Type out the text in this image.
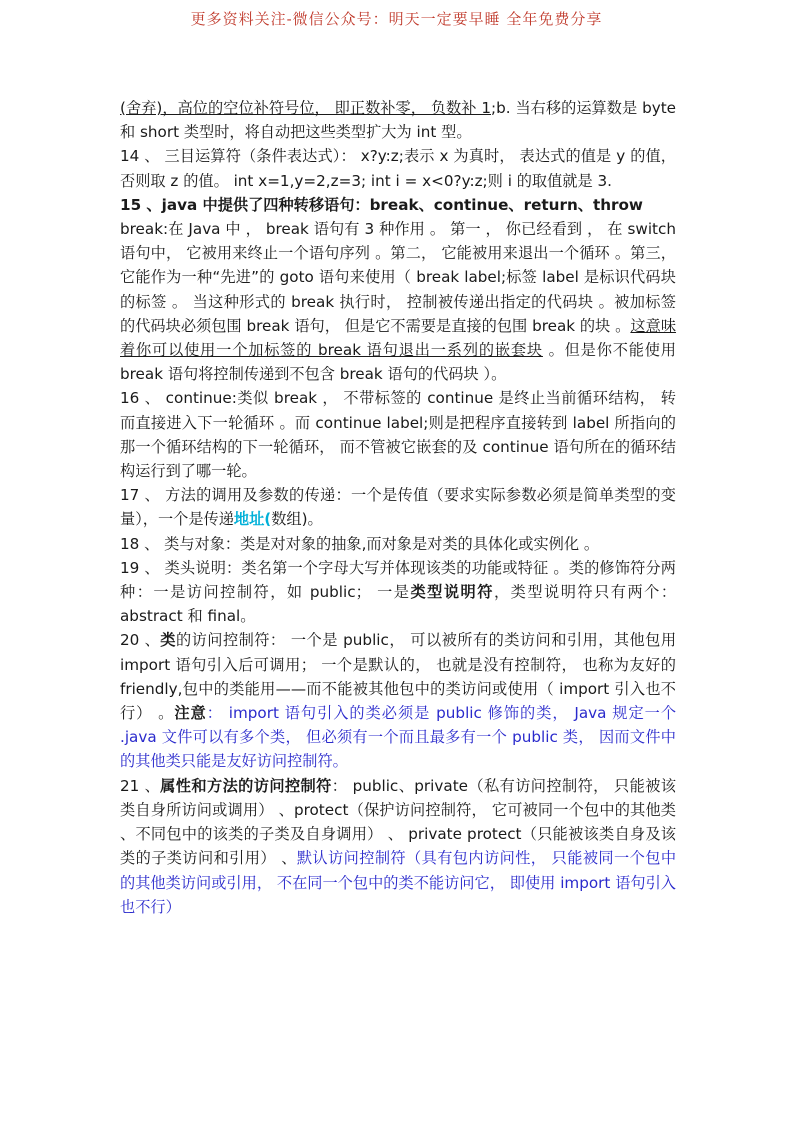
更多资料关注-微信公众号：明天一定要早睡 全年免费分享

(舍弃)，高位的空位补符号位， 即正数补零， 负数补 1;b. 当右移的运算数是 byte 和 short 类型时，将自动把这些类型扩大为 int 型。

14 、 三目运算符（条件表达式）： x?y:z;表示 x 为真时， 表达式的值是 y 的值， 否则取 z 的值。 int x=1,y=2,z=3; int i = x<0?y:z;则 i 的取值就是 3.

15 、java 中提供了四种转移语句：break、continue、return、throw
break:在 Java 中 ， break 语句有 3 种作用 。 第一 ， 你已经看到 ， 在 switch 语句中， 它被用来终止一个语句序列 。第二， 它能被用来退出一个循环 。第三， 它能作为一种“先进”的 goto 语句来使用（ break label;标签 label 是标识代码块的标签 。 当这种形式的 break 执行时， 控制被传递出指定的代码块 。被加标签的代码块必须包围 break 语句， 但是它不需要是直接的包围 break 的块 。这意味着你可以使用一个加标签的 break 语句退出一系列的嵌套块 。但是你不能使用 break 语句将控制传递到不包含 break 语句的代码块 ）。

16 、 continue:类似 break ， 不带标签的 continue 是终止当前循环结构， 转而直接进入下一轮循环 。而 continue label;则是把程序直接转到 label 所指向的那一个循环结构的下一轮循环， 而不管被它嵌套的及 continue 语句所在的循环结构运行到了哪一轮。

17 、 方法的调用及参数的传递：一个是传值（要求实际参数必须是简单类型的变量），一个是传递地址(数组)。

18 、 类与对象：类是对对象的抽象,而对象是对类的具体化或实例化 。

19 、 类头说明：类名第一个字母大写并体现该类的功能或特征 。类的修饰符分两种：一是访问控制符，如 public； 一是类型说明符，类型说明符只有两个： abstract 和 final。

20 、类的访问控制符： 一个是 public， 可以被所有的类访问和引用，其他包用 import 语句引入后可调用； 一个是默认的， 也就是没有控制符， 也称为友好的 friendly,包中的类能用——而不能被其他包中的类访问或使用（ import 引入也不行） 。注意： import 语句引入的类必须是 public 修饰的类， Java 规定一个 .java 文件可以有多个类， 但必须有一个而且最多有一个 public 类， 因而文件中的其他类只能是友好访问控制符。

21 、属性和方法的访问控制符： public、private（私有访问控制符， 只能被该类自身所访问或调用） 、protect（保护访问控制符， 它可被同一个包中的其他类 、不同包中的该类的子类及自身调用） 、 private protect（只能被该类自身及该类的子类访问和引用） 、默认访问控制符（具有包内访问性， 只能被同一个包中的其他类访问或引用， 不在同一个包中的类不能访问它， 即使用 import 语句引入也不行）
